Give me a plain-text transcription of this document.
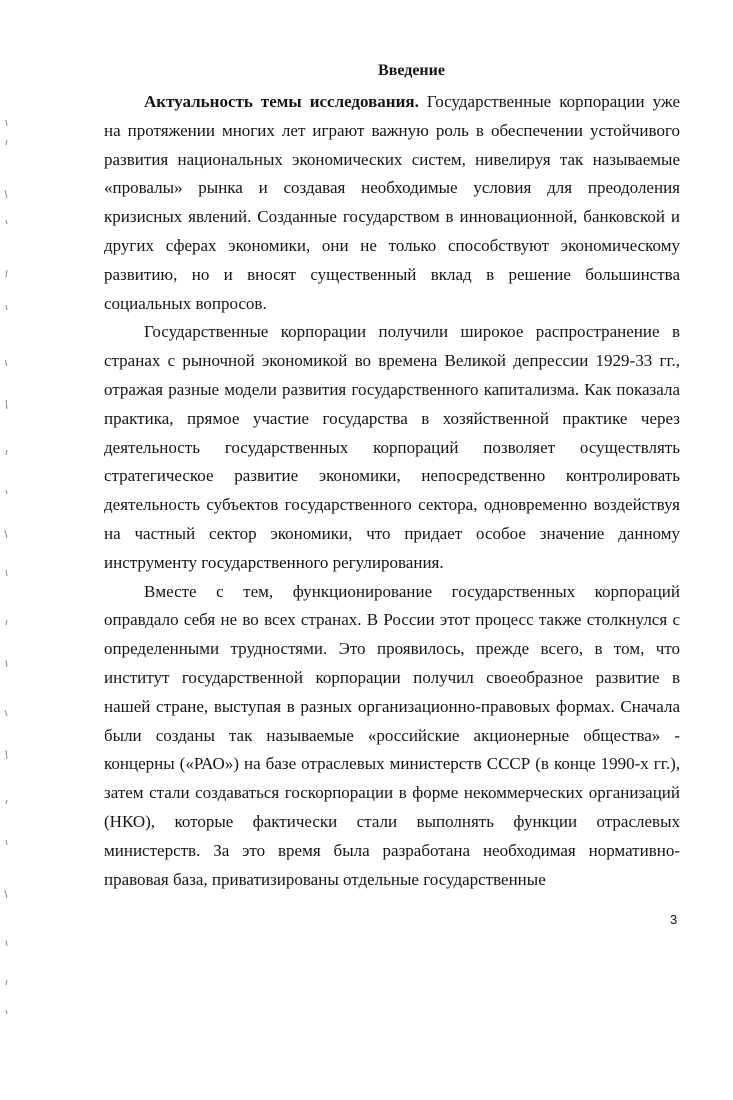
Введение

Актуальность темы исследования. Государственные корпорации уже на протяжении многих лет играют важную роль в обеспечении устойчивого развития национальных экономических систем, нивелируя так называемые «провалы» рынка и создавая необходимые условия для преодоления кризисных явлений. Созданные государством в инновационной, банковской и других сферах экономики, они не только способствуют экономическому развитию, но и вносят существенный вклад в решение большинства социальных вопросов.

Государственные корпорации получили широкое распространение в странах с рыночной экономикой во времена Великой депрессии 1929-33 гг., отражая разные модели развития государственного капитализма. Как показала практика, прямое участие государства в хозяйственной практике через деятельность государственных корпораций позволяет осуществлять стратегическое развитие экономики, непосредственно контролировать деятельность субъектов государственного сектора, одновременно воздействуя на частный сектор экономики, что придает особое значение данному инструменту государственного регулирования.

Вместе с тем, функционирование государственных корпораций оправдало себя не во всех странах. В России этот процесс также столкнулся с определенными трудностями. Это проявилось, прежде всего, в том, что институт государственной корпорации получил своеобразное развитие в нашей стране, выступая в разных организационно-правовых формах. Сначала были созданы так называемые «российские акционерные общества» - концерны («РАО») на базе отраслевых министерств СССР (в конце 1990-х гг.), затем стали создаваться госкорпорации в форме некоммерческих организаций (НКО), которые фактически стали выполнять функции отраслевых министерств. За это время была разработана необходимая нормативно-правовая база, приватизированы отдельные государственные

3
